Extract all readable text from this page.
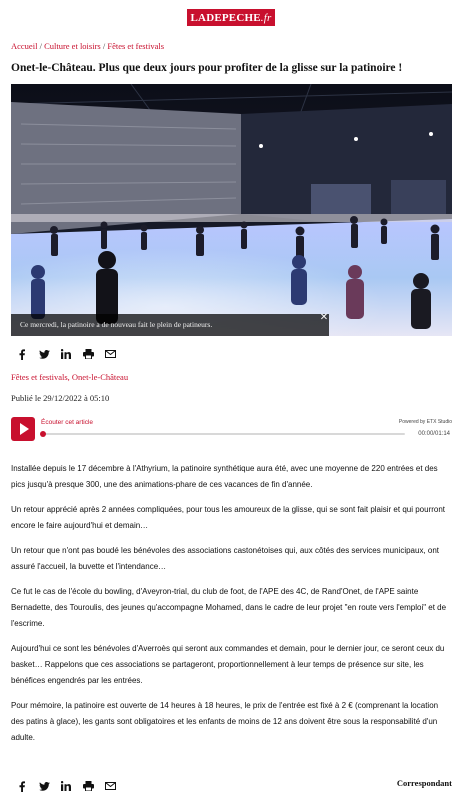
LADEPECHE.fr
Accueil / Culture et loisirs / Fêtes et festivals
Onet-le-Château. Plus que deux jours pour profiter de la glisse sur la patinoire !
Ce mercredi, la patinoire a de nouveau fait le plein de patineurs.
✕
Fêtes et festivals, Onet-le-Château
Publié le 29/12/2022 à 05:10
Écouter cet article	Powered by ETX Studio
00:00/01:14

Installée depuis le 17 décembre à l'Athyrium, la patinoire synthétique aura été, avec une moyenne de 220 entrées et des pics jusqu'à presque 300, une des animations-phare de ces vacances de fin d'année.

Un retour apprécié après 2 années compliquées, pour tous les amoureux de la glisse, qui se sont fait plaisir et qui pourront encore le faire aujourd'hui et demain…

Un retour que n'ont pas boudé les bénévoles des associations castonétoises qui, aux côtés des services municipaux, ont assuré l'accueil, la buvette et l'intendance…

Ce fut le cas de l'école du bowling, d'Aveyron-trial, du club de foot, de l'APE des 4C, de Rand'Onet, de l'APE sainte Bernadette, des Touroulis, des jeunes qu'accompagne Mohamed, dans le cadre de leur projet "en route vers l'emploi" et de l'escrime.

Aujourd'hui ce sont les bénévoles d'Averroès qui seront aux commandes et demain, pour le dernier jour, ce seront ceux du basket… Rappelons que ces associations se partageront, proportionnellement à leur temps de présence sur site, les bénéfices engendrés par les entrées.

Pour mémoire, la patinoire est ouverte de 14 heures à 18 heures, le prix de l'entrée est fixé à 2 € (comprenant la location des patins à glace), les gants sont obligatoires et les enfants de moins de 12 ans doivent être sous la responsabilité d'un adulte.

Correspondant
